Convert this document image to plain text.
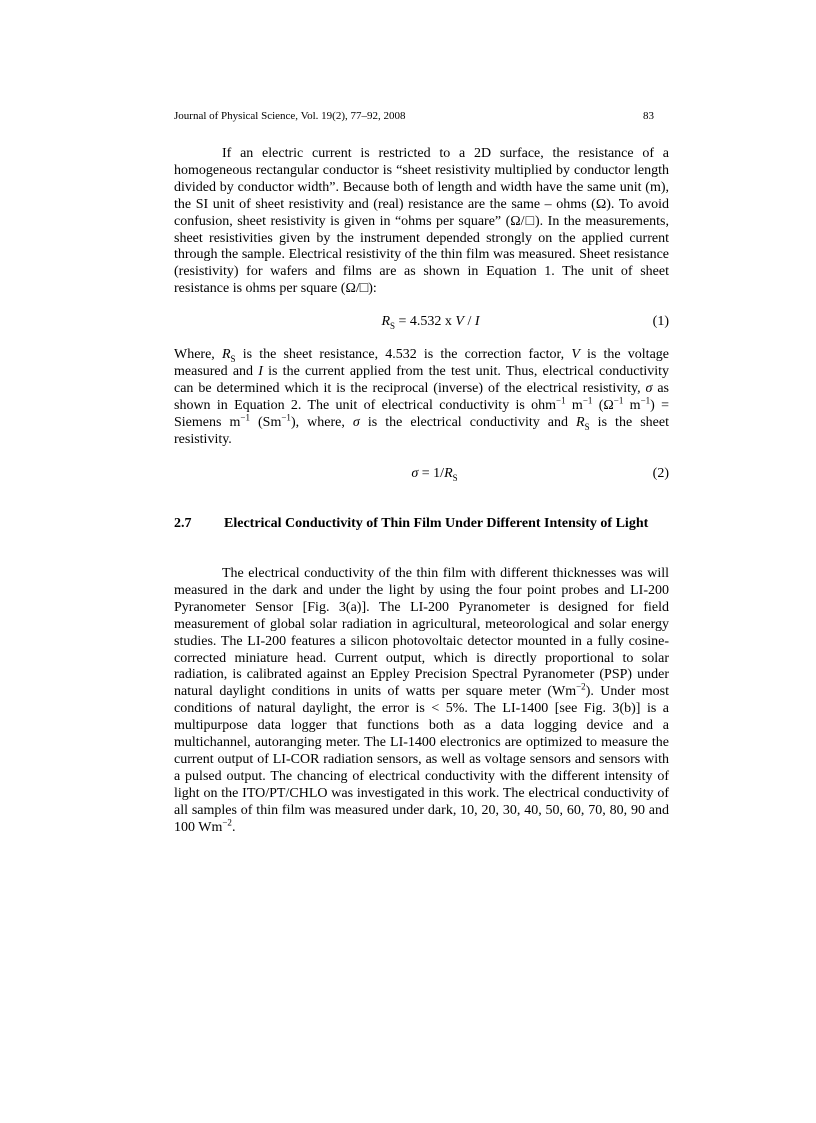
Journal of Physical Science, Vol. 19(2), 77–92, 2008	83

If an electric current is restricted to a 2D surface, the resistance of a homogeneous rectangular conductor is “sheet resistivity multiplied by conductor length divided by conductor width”. Because both of length and width have the same unit (m), the SI unit of sheet resistivity and (real) resistance are the same – ohms (Ω). To avoid confusion, sheet resistivity is given in “ohms per square” (Ω/□). In the measurements, sheet resistivities given by the instrument depended strongly on the applied current through the sample. Electrical resistivity of the thin film was measured. Sheet resistance (resistivity) for wafers and films are as shown in Equation 1. The unit of sheet resistance is ohms per square (Ω/□):

$R_S = 4.532$ x V / I	(1)

Where, $R_S$ is the sheet resistance, 4.532 is the correction factor, V is the voltage measured and I is the current applied from the test unit. Thus, electrical conductivity can be determined which it is the reciprocal (inverse) of the electrical resistivity, σ as shown in Equation 2. The unit of electrical conductivity is ohm$^{-1}$ $m^{-1}$ ($\Omega^{-1}$ $m^{-1}$) = Siemens $m^{-1}$ $(Sm^{-1})$, where, σ is the electrical conductivity and $R_S$ is the sheet resistivity.

$\sigma = 1/R_S$	(2)
2.7 Electrical Conductivity of Thin Film Under Different Intensity of Light

The electrical conductivity of the thin film with different thicknesses was will measured in the dark and under the light by using the four point probes and LI-200 Pyranometer Sensor [Fig. 3(a)]. The LI-200 Pyranometer is designed for field measurement of global solar radiation in agricultural, meteorological and solar energy studies. The LI-200 features a silicon photovoltaic detector mounted in a fully cosine-corrected miniature head. Current output, which is directly proportional to solar radiation, is calibrated against an Eppley Precision Spectral Pyranometer (PSP) under natural daylight conditions in units of watts per square meter $(Wm^{-2})$. Under most conditions of natural daylight, the error is < 5%. The LI-1400 [see Fig. 3(b)] is a multipurpose data logger that functions both as a data logging device and a multichannel, autoranging meter. The LI-1400 electronics are optimized to measure the current output of LI-COR radiation sensors, as well as voltage sensors and sensors with a pulsed output. The chancing of electrical conductivity with the different intensity of light on the ITO/PT/CHLO was investigated in this work. The electrical conductivity of all samples of thin film was measured under dark, 10, 20, 30, 40, 50, 60, 70, 80, 90 and 100 $Wm^{-2}$.
